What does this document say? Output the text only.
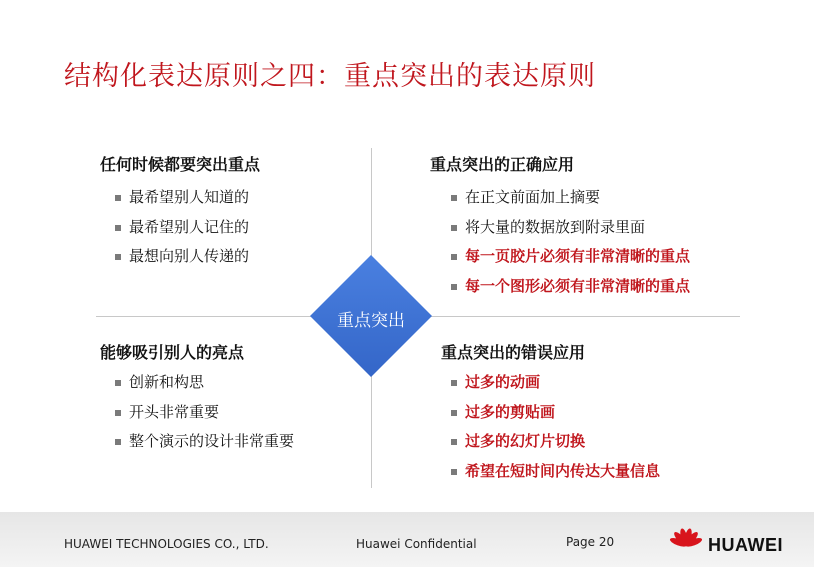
结构化表达原则之四：重点突出的表达原则
任何时候都要突出重点	重点突出的正确应用
能够吸引别人的亮点	重点突出的错误应用
最希望别人知道的
最希望别人记住的
最想向别人传递的
在正文前面加上摘要
将大量的数据放到附录里面
每一页胶片必须有非常清晰的重点
每一个图形必须有非常清晰的重点
创新和构思
开头非常重要
整个演示的设计非常重要
过多的动画
过多的剪贴画
过多的幻灯片切换
希望在短时间内传达大量信息
重点突出
HUAWEI TECHNOLOGIES CO., LTD.	Huawei Confidential	Page 20	HUAWEI
